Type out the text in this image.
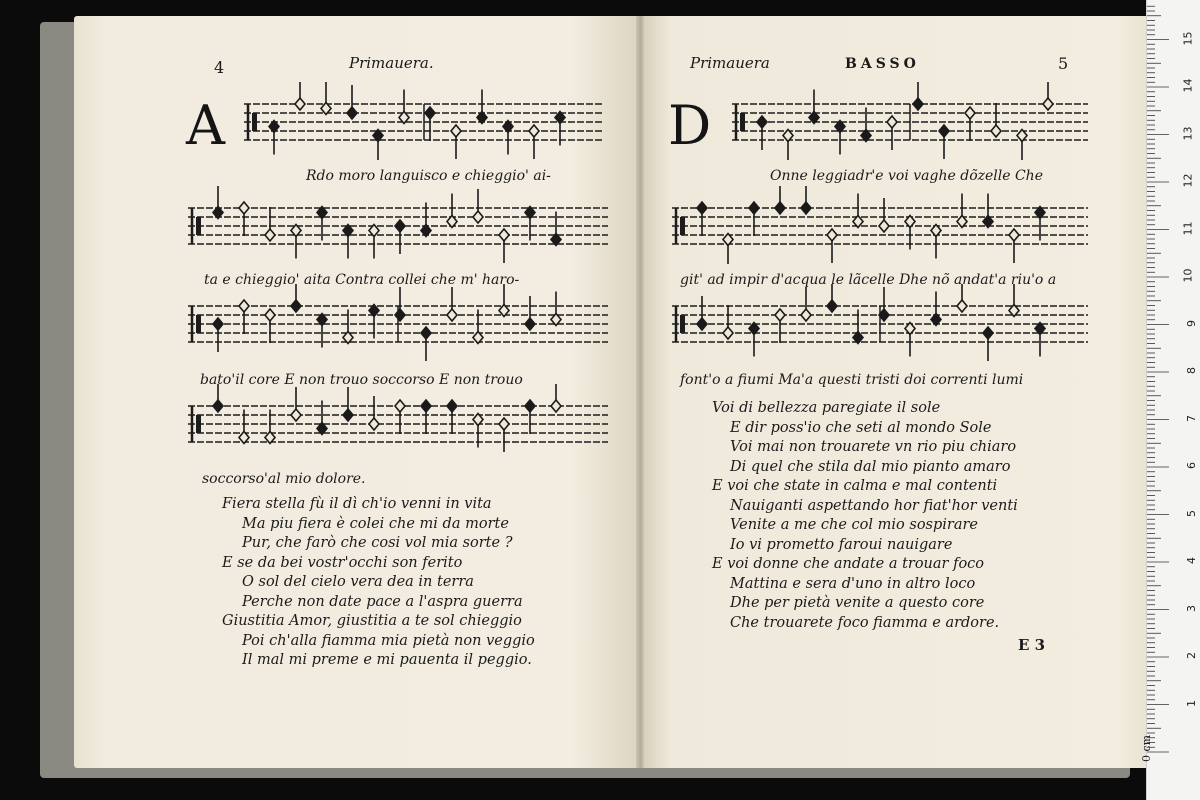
4	Primauera.
A
Rdo moro languisco e chieggio' ai-
ta e chieggio' aita Contra collei che m' haro-
bato'il core E non trouo soccorso E non trouo
soccorso'al mio dolore.
Fiera stella fù il dì ch'io venni in vita
Ma piu fiera è colei che mi da morte
Pur, che farò che cosi vol mia sorte ?
E se da bei vostr'occhi son ferito
O sol del cielo vera dea in terra
Perche non date pace a l'aspra guerra
Giustitia Amor, giustitia a te sol chieggio
Poi ch'alla fiamma mia pietà non veggio
Il mal mi preme e mi pauenta il peggio.
Primauera	BASSO	5
D
Onne leggiadr'e voi vaghe dõzelle Che
git' ad impir d'acqua le lãcelle Dhe nõ andat'a riu'o a
font'o a fiumi Ma'a questi tristi doi correnti lumi
Voi di bellezza paregiate il sole
E dir poss'io che seti al mondo Sole
Voi mai non trouarete vn rio piu chiaro
Di quel che stila dal mio pianto amaro
E voi che state in calma e mal contenti
Nauiganti aspettando hor fiat'hor venti
Venite a me che col mio sospirare
Io vi prometto faroui nauigare
E voi donne che andate a trouar foco
Mattina e sera d'uno in altro loco
Dhe per pietà venite a questo core
Che trouarete foco fiamma e ardore.
E 3
0 cm
1
2
3
4
5
6
7
8
9
10
11
12
13
14
15
